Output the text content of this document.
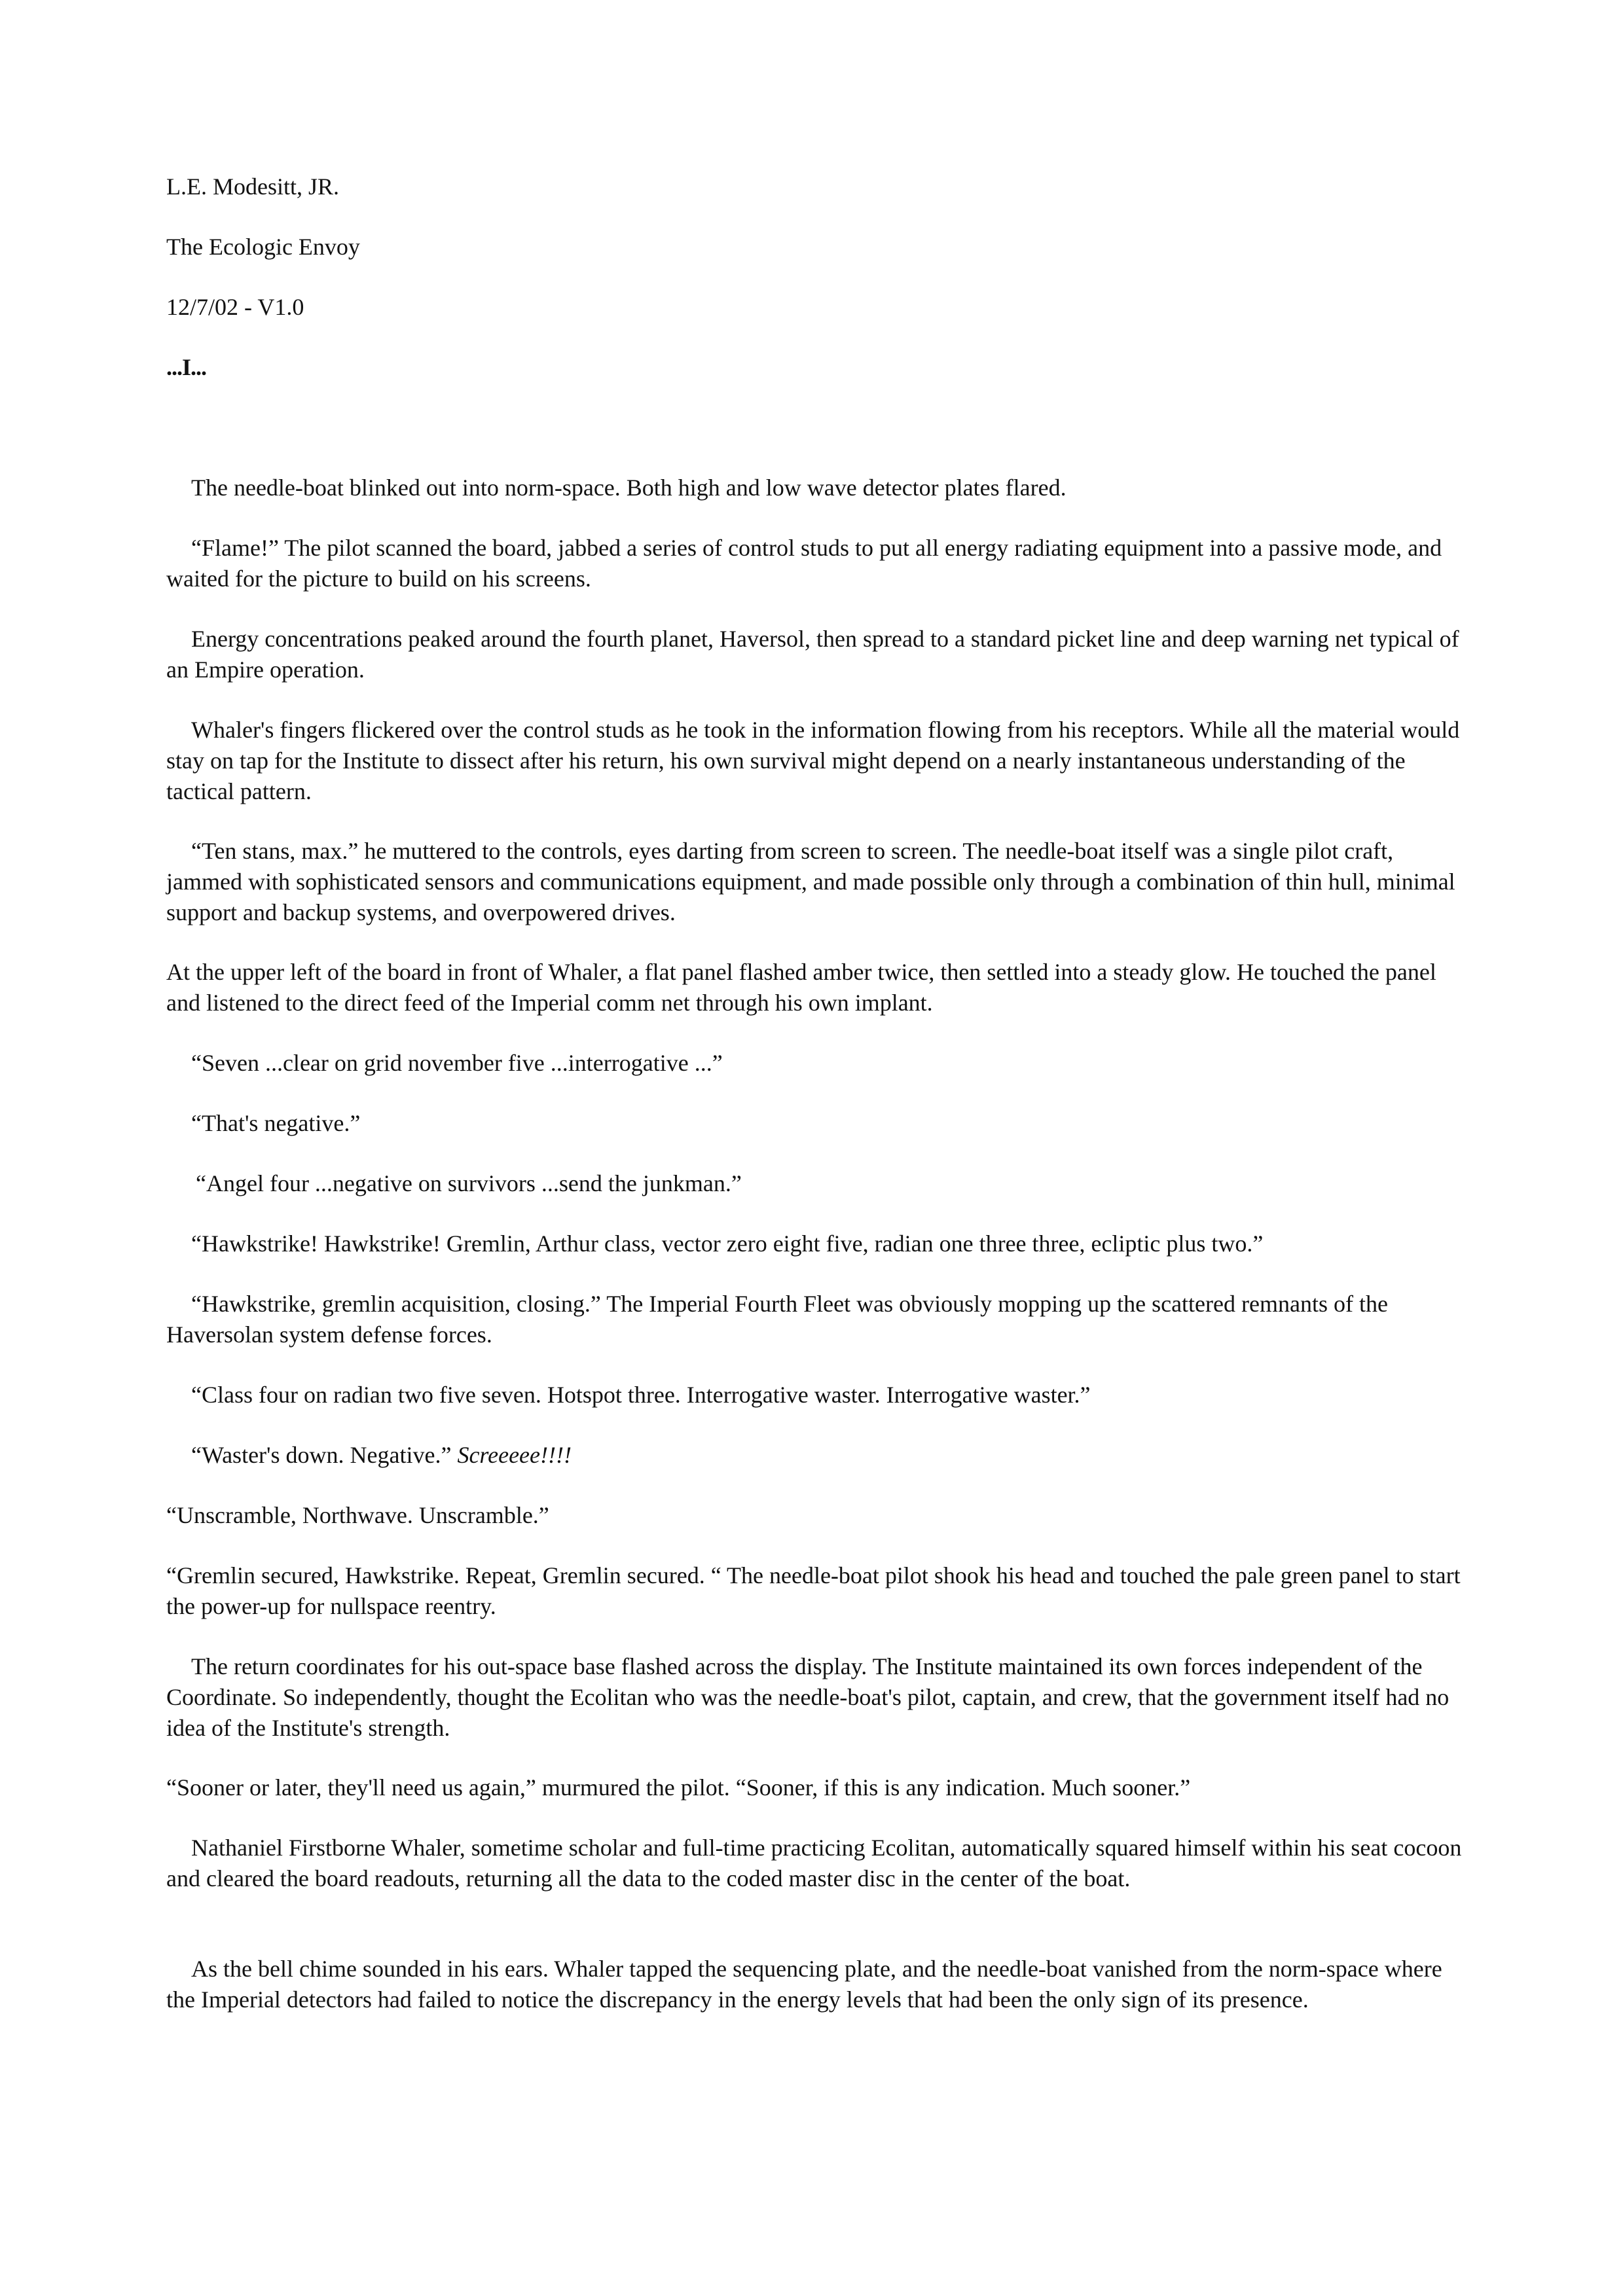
L.E. Modesitt, JR.

The Ecologic Envoy

12/7/02 - V1.0

...I...

The needle-boat blinked out into norm-space. Both high and low wave detector plates flared.

“Flame!” The pilot scanned the board, jabbed a series of control studs to put all energy radiating equipment into a passive mode, and waited for the picture to build on his screens.

Energy concentrations peaked around the fourth planet, Haversol, then spread to a standard picket line and deep warning net typical of an Empire operation.

Whaler's fingers flickered over the control studs as he took in the information flowing from his receptors. While all the material would stay on tap for the Institute to dissect after his return, his own survival might depend on a nearly instantaneous understanding of the tactical pattern.

“Ten stans, max.” he muttered to the controls, eyes darting from screen to screen. The needle-boat itself was a single pilot craft, jammed with sophisticated sensors and communications equipment, and made possible only through a combination of thin hull, minimal support and backup systems, and overpowered drives.

At the upper left of the board in front of Whaler, a flat panel flashed amber twice, then settled into a steady glow. He touched the panel and listened to the direct feed of the Imperial comm net through his own implant.

“Seven ...clear on grid november five ...interrogative ...”

“That's negative.”

“Angel four ...negative on survivors ...send the junkman.”

“Hawkstrike! Hawkstrike! Gremlin, Arthur class, vector zero eight five, radian one three three, ecliptic plus two.”

“Hawkstrike, gremlin acquisition, closing.” The Imperial Fourth Fleet was obviously mopping up the scattered remnants of the Haversolan system defense forces.

“Class four on radian two five seven. Hotspot three. Interrogative waster. Interrogative waster.”

“Waster's down. Negative.” Screeeee!!!!

“Unscramble, Northwave. Unscramble.”

“Gremlin secured, Hawkstrike. Repeat, Gremlin secured. “ The needle-boat pilot shook his head and touched the pale green panel to start the power-up for nullspace reentry.

The return coordinates for his out-space base flashed across the display. The Institute maintained its own forces independent of the Coordinate. So independently, thought the Ecolitan who was the needle-boat's pilot, captain, and crew, that the government itself had no idea of the Institute's strength.

“Sooner or later, they'll need us again,” murmured the pilot. “Sooner, if this is any indication. Much sooner.”

Nathaniel Firstborne Whaler, sometime scholar and full-time practicing Ecolitan, automatically squared himself within his seat cocoon and cleared the board readouts, returning all the data to the coded master disc in the center of the boat.

As the bell chime sounded in his ears. Whaler tapped the sequencing plate, and the needle-boat vanished from the norm-space where the Imperial detectors had failed to notice the discrepancy in the energy levels that had been the only sign of its presence.
